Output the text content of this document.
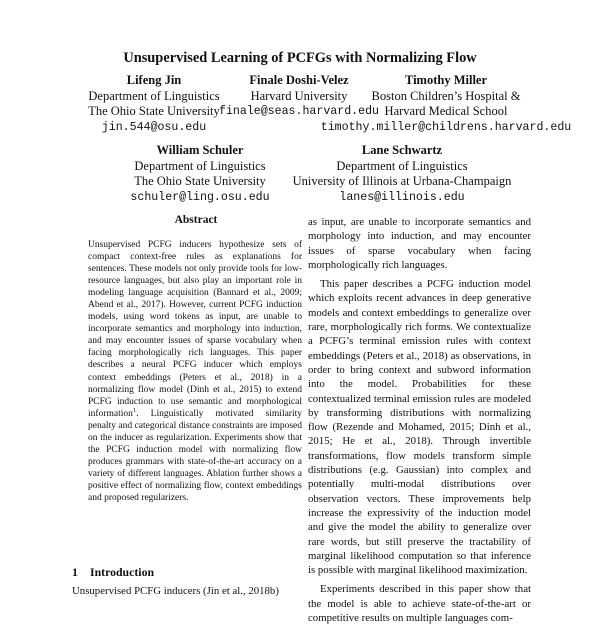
Unsupervised Learning of PCFGs with Normalizing Flow
Lifeng Jin
Department of Linguistics
The Ohio State University
jin.544@osu.edu
Finale Doshi-Velez
Harvard University
finale@seas.harvard.edu
Timothy Miller
Boston Children’s Hospital &
Harvard Medical School
timothy.miller@childrens.harvard.edu
William Schuler
Department of Linguistics
The Ohio State University
schuler@ling.osu.edu
Lane Schwartz
Department of Linguistics
University of Illinois at Urbana-Champaign
lanes@illinois.edu
Abstract

Unsupervised PCFG inducers hypothesize sets of compact context-free rules as explanations for sentences. These models not only provide tools for low-resource languages, but also play an important role in modeling language acquisition (Bannard et al., 2009; Abend et al., 2017). However, current PCFG induction models, using word tokens as input, are unable to incorporate semantics and morphology into induction, and may encounter issues of sparse vocabulary when facing morphologically rich languages. This paper describes a neural PCFG inducer which employs context embeddings (Peters et al., 2018) in a normalizing flow model (Dinh et al., 2015) to extend PCFG induction to use semantic and morphological information$^1$. Linguistically motivated similarity penalty and categorical distance constraints are imposed on the inducer as regularization. Experiments show that the PCFG induction model with normalizing flow produces grammars with state-of-the-art accuracy on a variety of different languages. Ablation further shows a positive effect of normalizing flow, context embeddings and proposed regularizers.

1 Introduction
Unsupervised PCFG inducers (Jin et al., 2018b)

as input, are unable to incorporate semantics and morphology into induction, and may encounter issues of sparse vocabulary when facing morphologically rich languages.

This paper describes a PCFG induction model which exploits recent advances in deep generative models and context embeddings to generalize over rare, morphologically rich forms. We contextualize a PCFG’s terminal emission rules with context embeddings (Peters et al., 2018) as observations, in order to bring context and subword information into the model. Probabilities for these contextualized terminal emission rules are modeled by transforming distributions with normalizing flow (Rezende and Mohamed, 2015; Dinh et al., 2015; He et al., 2018). Through invertible transformations, flow models transform simple distributions (e.g. Gaussian) into complex and potentially multi-modal distributions over observation vectors. These improvements help increase the expressivity of the induction model and give the model the ability to generalize over rare words, but still preserve the tractability of marginal likelihood computation so that inference is possible with marginal likelihood maximization.

Experiments described in this paper show that the model is able to achieve state-of-the-art or competitive results on multiple languages com-
